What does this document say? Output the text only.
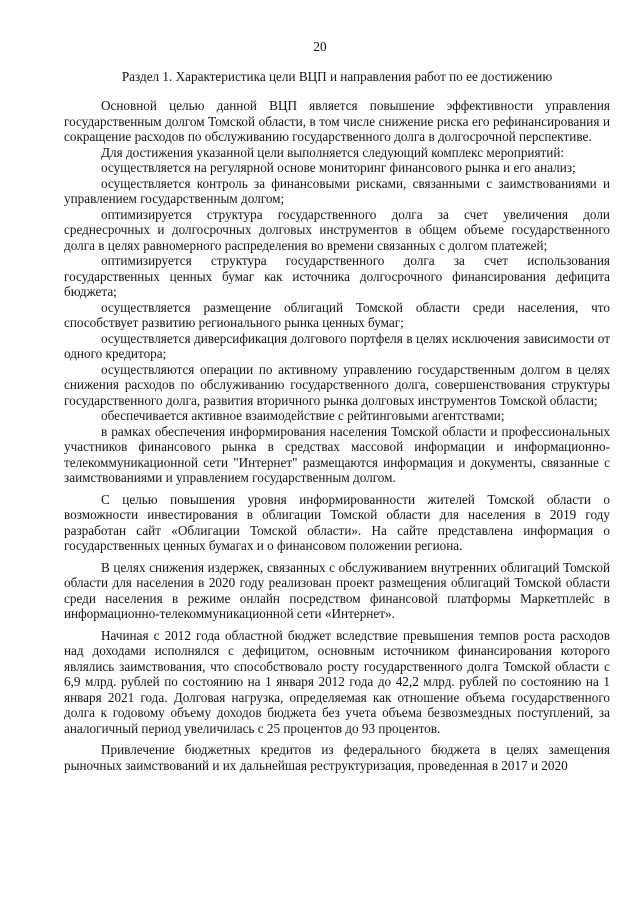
20
Раздел 1. Характеристика цели ВЦП и направления работ по ее достижению

Основной целью данной ВЦП является повышение эффективности управления государственным долгом Томской области, в том числе снижение риска его рефинансирования и сокращение расходов по обслуживанию государственного долга в долгосрочной перспективе.

Для достижения указанной цели выполняется следующий комплекс мероприятий:

осуществляется на регулярной основе мониторинг финансового рынка и его анализ;

осуществляется контроль за финансовыми рисками, связанными с заимствованиями и управлением государственным долгом;

оптимизируется структура государственного долга за счет увеличения доли среднесрочных и долгосрочных долговых инструментов в общем объеме государственного долга в целях равномерного распределения во времени связанных с долгом платежей;

оптимизируется структура государственного долга за счет использования государственных ценных бумаг как источника долгосрочного финансирования дефицита бюджета;

осуществляется размещение облигаций Томской области среди населения, что способствует развитию регионального рынка ценных бумаг;

осуществляется диверсификация долгового портфеля в целях исключения зависимости от одного кредитора;

осуществляются операции по активному управлению государственным долгом в целях снижения расходов по обслуживанию государственного долга, совершенствования структуры государственного долга, развития вторичного рынка долговых инструментов Томской области;

обеспечивается активное взаимодействие с рейтинговыми агентствами;

в рамках обеспечения информирования населения Томской области и профессиональных участников финансового рынка в средствах массовой информации и информационно-телекоммуникационной сети "Интернет" размещаются информация и документы, связанные с заимствованиями и управлением государственным долгом.

С целью повышения уровня информированности жителей Томской области о возможности инвестирования в облигации Томской области для населения в 2019 году разработан сайт «Облигации Томской области». На сайте представлена информация о государственных ценных бумагах и о финансовом положении региона.

В целях снижения издержек, связанных с обслуживанием внутренних облигаций Томской области для населения в 2020 году реализован проект размещения облигаций Томской области среди населения в режиме онлайн посредством финансовой платформы Маркетплейс в информационно-телекоммуникационной сети «Интернет».

Начиная с 2012 года областной бюджет вследствие превышения темпов роста расходов над доходами исполнялся с дефицитом, основным источником финансирования которого являлись заимствования, что способствовало росту государственного долга Томской области с 6,9 млрд. рублей по состоянию на 1 января 2012 года до 42,2 млрд. рублей по состоянию на 1 января 2021 года. Долговая нагрузка, определяемая как отношение объема государственного долга к годовому объему доходов бюджета без учета объема безвозмездных поступлений, за аналогичный период увеличилась с 25 процентов до 93 процентов.

Привлечение бюджетных кредитов из федерального бюджета в целях замещения рыночных заимствований и их дальнейшая реструктуризация, проведенная в 2017 и 2020
